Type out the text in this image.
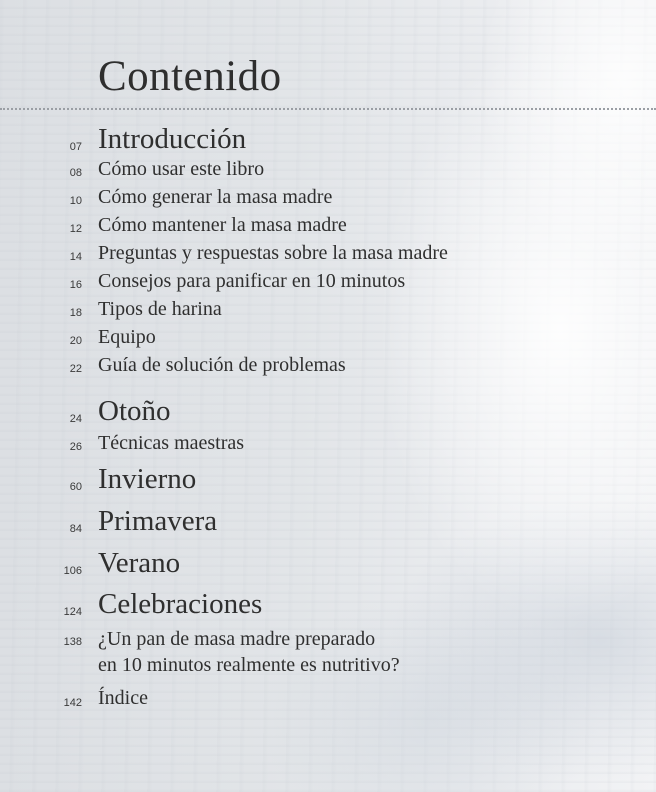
Contenido
07 Introducción
08 Cómo usar este libro
10 Cómo generar la masa madre
12 Cómo mantener la masa madre
14 Preguntas y respuestas sobre la masa madre
16 Consejos para panificar en 10 minutos
18 Tipos de harina
20 Equipo
22 Guía de solución de problemas
24 Otoño
26 Técnicas maestras
60 Invierno
84 Primavera
106 Verano
124 Celebraciones
138 ¿Un pan de masa madre preparado
en 10 minutos realmente es nutritivo?
142 Índice
